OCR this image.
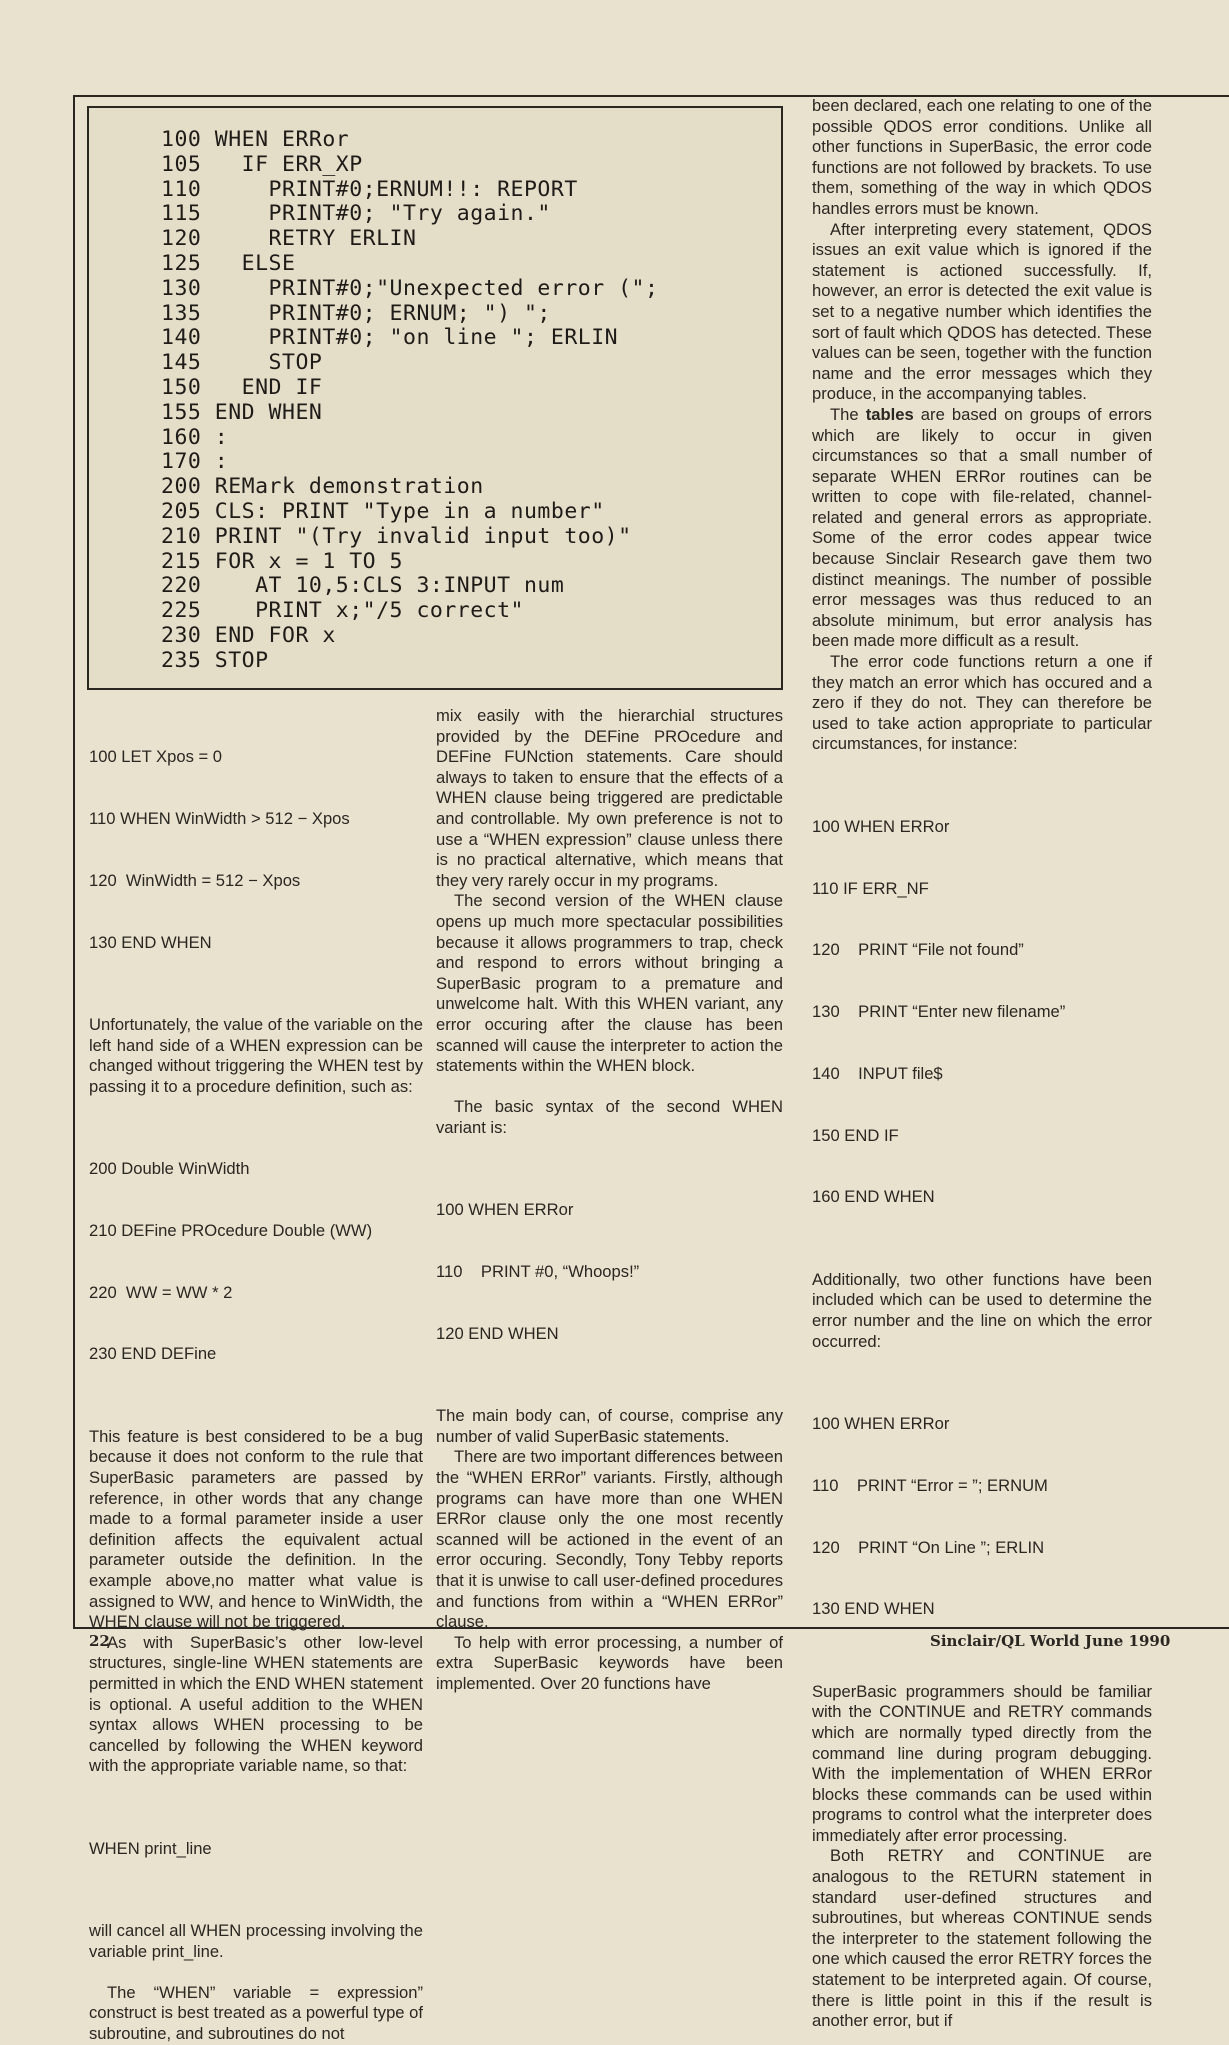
100 WHEN ERRor
105   IF ERR_XP
110     PRINT#0;ERNUM!!: REPORT
115     PRINT#0; "Try again."
120     RETRY ERLIN
125   ELSE
130     PRINT#0;"Unexpected error (";
135     PRINT#0; ERNUM; ") ";
140     PRINT#0; "on line "; ERLIN
145     STOP
150   END IF
155 END WHEN
160 :
170 :
200 REMark demonstration
205 CLS: PRINT "Type in a number"
210 PRINT "(Try invalid input too)"
215 FOR x = 1 TO 5
220    AT 10,5:CLS 3:INPUT num
225    PRINT x;"/5 correct"
230 END FOR x
235 STOP

100 LET Xpos = 0

110 WHEN WinWidth > 512 − Xpos

120  WinWidth = 512 − Xpos

130 END WHEN

Unfortunately, the value of the variable on the left hand side of a WHEN expression can be changed without triggering the WHEN test by passing it to a procedure definition, such as:

200 Double WinWidth

210 DEFine PROcedure Double (WW)

220  WW = WW * 2

230 END DEFine

This feature is best considered to be a bug because it does not conform to the rule that SuperBasic parameters are passed by reference, in other words that any change made to a formal parameter inside a user definition affects the equivalent actual parameter outside the definition. In the example above,no matter what value is assigned to WW, and hence to WinWidth, the WHEN clause will not be triggered.

As with SuperBasic’s other low-level structures, single-line WHEN statements are permitted in which the END WHEN statement is optional. A useful addition to the WHEN syntax allows WHEN processing to be cancelled by following the WHEN keyword with the appropriate variable name, so that:

WHEN print_line

will cancel all WHEN processing involving the variable print_line.

The “WHEN” variable = expression” construct is best treated as a powerful type of subroutine, and subroutines do not

mix easily with the hierarchial structures provided by the DEFine PROcedure and DEFine FUNction statements. Care should always to taken to ensure that the effects of a WHEN clause being triggered are predictable and controllable. My own preference is not to use a “WHEN expression” clause unless there is no practical alternative, which means that they very rarely occur in my programs.

The second version of the WHEN clause opens up much more spectacular possibilities because it allows programmers to trap, check and respond to errors without bringing a SuperBasic program to a premature and unwelcome halt. With this WHEN variant, any error occuring after the clause has been scanned will cause the interpreter to action the statements within the WHEN block.

The basic syntax of the second WHEN variant is:

100 WHEN ERRor

110    PRINT #0, “Whoops!”

120 END WHEN

The main body can, of course, comprise any number of valid SuperBasic statements.

There are two important differences between the “WHEN ERRor” variants. Firstly, although programs can have more than one WHEN ERRor clause only the one most recently scanned will be actioned in the event of an error occuring. Secondly, Tony Tebby reports that it is unwise to call user-defined procedures and functions from within a “WHEN ERRor” clause.

To help with error processing, a number of extra SuperBasic keywords have been implemented. Over 20 functions have

been declared, each one relating to one of the possible QDOS error conditions. Unlike all other functions in SuperBasic, the error code functions are not followed by brackets. To use them, something of the way in which QDOS handles errors must be known.

After interpreting every statement, QDOS issues an exit value which is ignored if the statement is actioned successfully. If, however, an error is detected the exit value is set to a negative number which identifies the sort of fault which QDOS has detected. These values can be seen, together with the function name and the error messages which they produce, in the accompanying tables.

The tables are based on groups of errors which are likely to occur in given circumstances so that a small number of separate WHEN ERRor routines can be written to cope with file-related, channel-related and general errors as appropriate. Some of the error codes appear twice because Sinclair Research gave them two distinct meanings. The number of possible error messages was thus reduced to an absolute minimum, but error analysis has been made more difficult as a result.

The error code functions return a one if they match an error which has occured and a zero if they do not. They can therefore be used to take action appropriate to particular circumstances, for instance:

100 WHEN ERRor

110 IF ERR_NF

120    PRINT “File not found”

130    PRINT “Enter new filename”

140    INPUT file$

150 END IF

160 END WHEN

Additionally, two other functions have been included which can be used to determine the error number and the line on which the error occurred:

100 WHEN ERRor

110    PRINT “Error = ”; ERNUM

120    PRINT “On Line ”; ERLIN

130 END WHEN

SuperBasic programmers should be familiar with the CONTINUE and RETRY commands which are normally typed directly from the command line during program debugging. With the implementation of WHEN ERRor blocks these commands can be used within programs to control what the interpreter does immediately after error processing.

Both RETRY and CONTINUE are analogous to the RETURN statement in standard user-defined structures and subroutines, but whereas CONTINUE sends the interpreter to the statement following the one which caused the error RETRY forces the statement to be interpreted again. Of course, there is little point in this if the result is another error, but if

22	Sinclair/QL World June 1990
